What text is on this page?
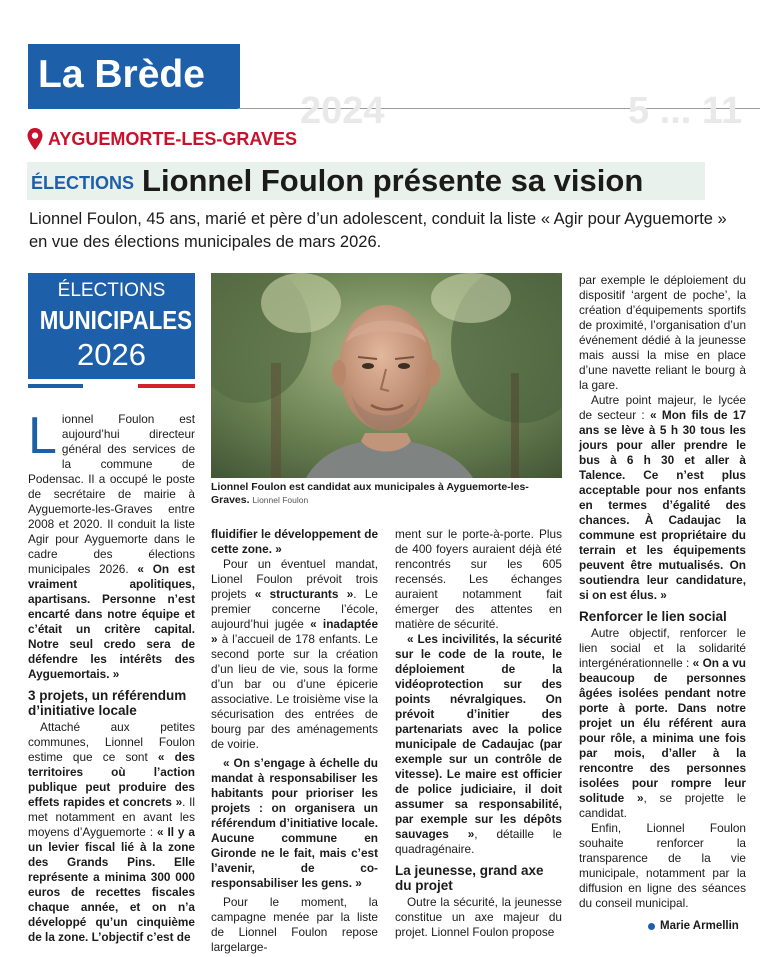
La Brède
2024	5 ... 11
AYGUEMORTE-LES-GRAVES
ÉLECTIONS Lionnel Foulon présente sa vision
Lionnel Foulon, 45 ans, marié et père d’un adolescent, conduit la liste « Agir pour Ayguemorte » en vue des élections municipales de mars 2026.
ÉLECTIONS
MUNICIPALES
2026
Lionnel Foulon est candidat aux municipales à Ayguemorte-les-Graves. Lionnel Foulon

Lionnel Foulon est aujourd’hui directeur général des services de la commune de Podensac. Il a occupé le poste de secrétaire de mairie à Ayguemorte-les-Graves entre 2008 et 2020. Il conduit la liste Agir pour Ayguemorte dans le cadre des élections municipales 2026. « On est vraiment apolitiques, apartisans. Personne n’est encarté dans notre équipe et c’était un critère capital. Notre seul credo sera de défendre les intérêts des Ayguemortais. »

3 projets, un référendum d’initiative locale

Attaché aux petites communes, Lionnel Foulon estime que ce sont « des territoires où l’action publique peut produire des effets rapides et concrets ». Il met notamment en avant les moyens d’Ayguemorte : « Il y a un levier fiscal lié à la zone des Grands Pins. Elle représente a minima 300 000 euros de recettes fiscales chaque année, et on n’a développé qu’un cinquième de la zone. L’objectif c’est de

fluidifier le développement de cette zone. »

Pour un éventuel mandat, Lionel Foulon prévoit trois projets « structurants ». Le premier concerne l’école, aujourd’hui jugée « inadaptée » à l’accueil de 178 enfants. Le second porte sur la création d’un lieu de vie, sous la forme d’un bar ou d’une épicerie associative. Le troisième vise la sécurisation des entrées de bourg par des aménagements de voirie.

« On s’engage à échelle du mandat à responsabiliser les habitants pour prioriser les projets : on organisera un référendum d’initiative locale. Aucune commune en Gironde ne le fait, mais c’est l’avenir, de co-responsabiliser les gens. »

Pour le moment, la campagne menée par la liste de Lionnel Foulon repose largelarge-

ment sur le porte-à-porte. Plus de 400 foyers auraient déjà été rencontrés sur les 605 recensés. Les échanges auraient notamment fait émerger des attentes en matière de sécurité.

« Les incivilités, la sécurité sur le code de la route, le déploiement de la vidéoprotection sur des points névralgiques. On prévoit d’initier des partenariats avec la police municipale de Cadaujac (par exemple sur un contrôle de vitesse). Le maire est officier de police judiciaire, il doit assumer sa responsabilité, par exemple sur les dépôts sauvages », détaille le quadragénaire.

La jeunesse, grand axe du projet

Outre la sécurité, la jeunesse constitue un axe majeur du projet. Lionnel Foulon propose

par exemple le déploiement du dispositif ‘argent de poche’, la création d’équipements sportifs de proximité, l’organisation d’un événement dédié à la jeunesse mais aussi la mise en place d’une navette reliant le bourg à la gare.

Autre point majeur, le lycée de secteur : « Mon fils de 17 ans se lève à 5 h 30 tous les jours pour aller prendre le bus à 6 h 30 et aller à Talence. Ce n’est plus acceptable pour nos enfants en termes d’égalité des chances. À Cadaujac la commune est propriétaire du terrain et les équipements peuvent être mutualisés. On soutiendra leur candidature, si on est élus. »

Renforcer le lien social

Autre objectif, renforcer le lien social et la solidarité intergénérationnelle : « On a vu beaucoup de personnes âgées isolées pendant notre porte à porte. Dans notre projet un élu référent aura pour rôle, a minima une fois par mois, d’aller à la rencontre des personnes isolées pour rompre leur solitude », se projette le candidat.

Enfin, Lionnel Foulon souhaite renforcer la transparence de la vie municipale, notamment par la diffusion en ligne des séances du conseil municipal.

Marie Armellin
